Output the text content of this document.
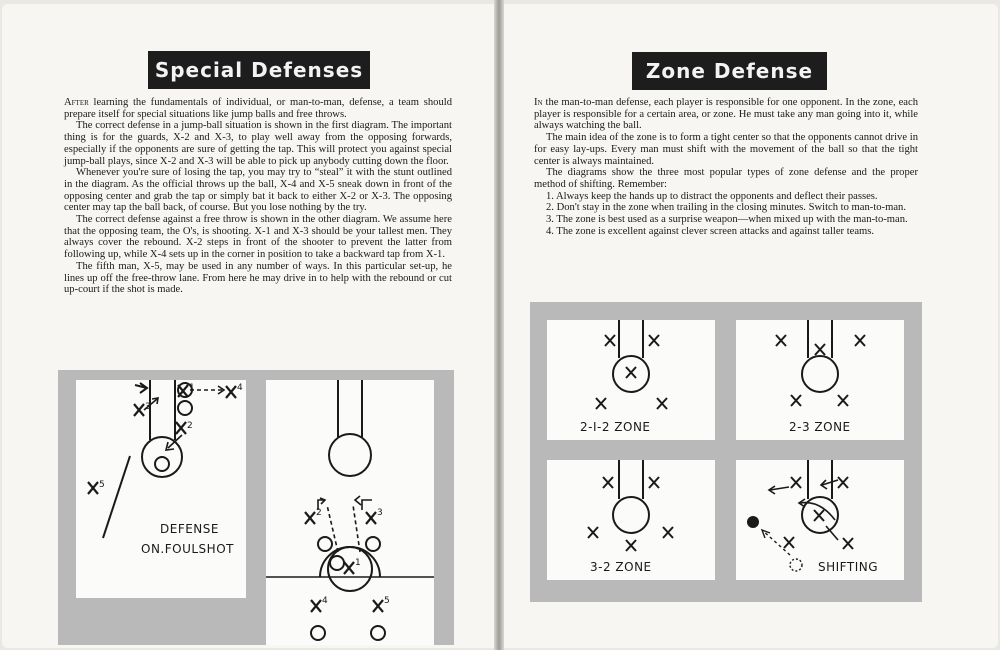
Special Defenses

After learning the fundamentals of individual, or man-to-man, defense, a team should prepare itself for special situations like jump balls and free throws.

The correct defense in a jump-ball situation is shown in the first diagram. The important thing is for the guards, X-2 and X-3, to play well away from the opposing forwards, especially if the opponents are sure of getting the tap. This will protect you against special jump-ball plays, since X-2 and X-3 will be able to pick up anybody cutting down the floor.

Whenever you're sure of losing the tap, you may try to “steal” it with the stunt outlined in the diagram. As the official throws up the ball, X-4 and X-5 sneak down in front of the opposing center and grab the tap or simply bat it back to either X-2 or X-3. The opposing center may tap the ball back, of course. But you lose nothing by the try.

The correct defense against a free throw is shown in the other diagram. We assume here that the opposing team, the O's, is shooting. X-1 and X-3 should be your tallest men. They always cover the rebound. X-2 steps in front of the shooter to prevent the latter from following up, while X-4 sets up in the corner in position to take a backward tap from X-1.

The fifth man, X-5, may be used in any number of ways. In this particular set-up, he lines up off the free-throw lane. From here he may drive in to help with the rebound or cut up-court if the shot is made.

1	4
3
2
5
DEFENSE
ON.FOULSHOT
2	3
1
4	5
Zone Defense

In the man-to-man defense, each player is responsible for one opponent. In the zone, each player is responsible for a certain area, or zone. He must take any man going into it, while always watching the ball.

The main idea of the zone is to form a tight center so that the opponents cannot drive in for easy lay-ups. Every man must shift with the movement of the ball so that the tight center is always maintained.

The diagrams show the three most popular types of zone defense and the proper method of shifting. Remember:

1. Always keep the hands up to distract the opponents and deflect their passes.

2. Don't stay in the zone when trailing in the closing minutes. Switch to man-to-man.

3. The zone is best used as a surprise weapon—when mixed up with the man-to-man.

4. The zone is excellent against clever screen attacks and against taller teams.

2-I-2 ZONE	2-3 ZONE
3-2 ZONE	SHIFTING
